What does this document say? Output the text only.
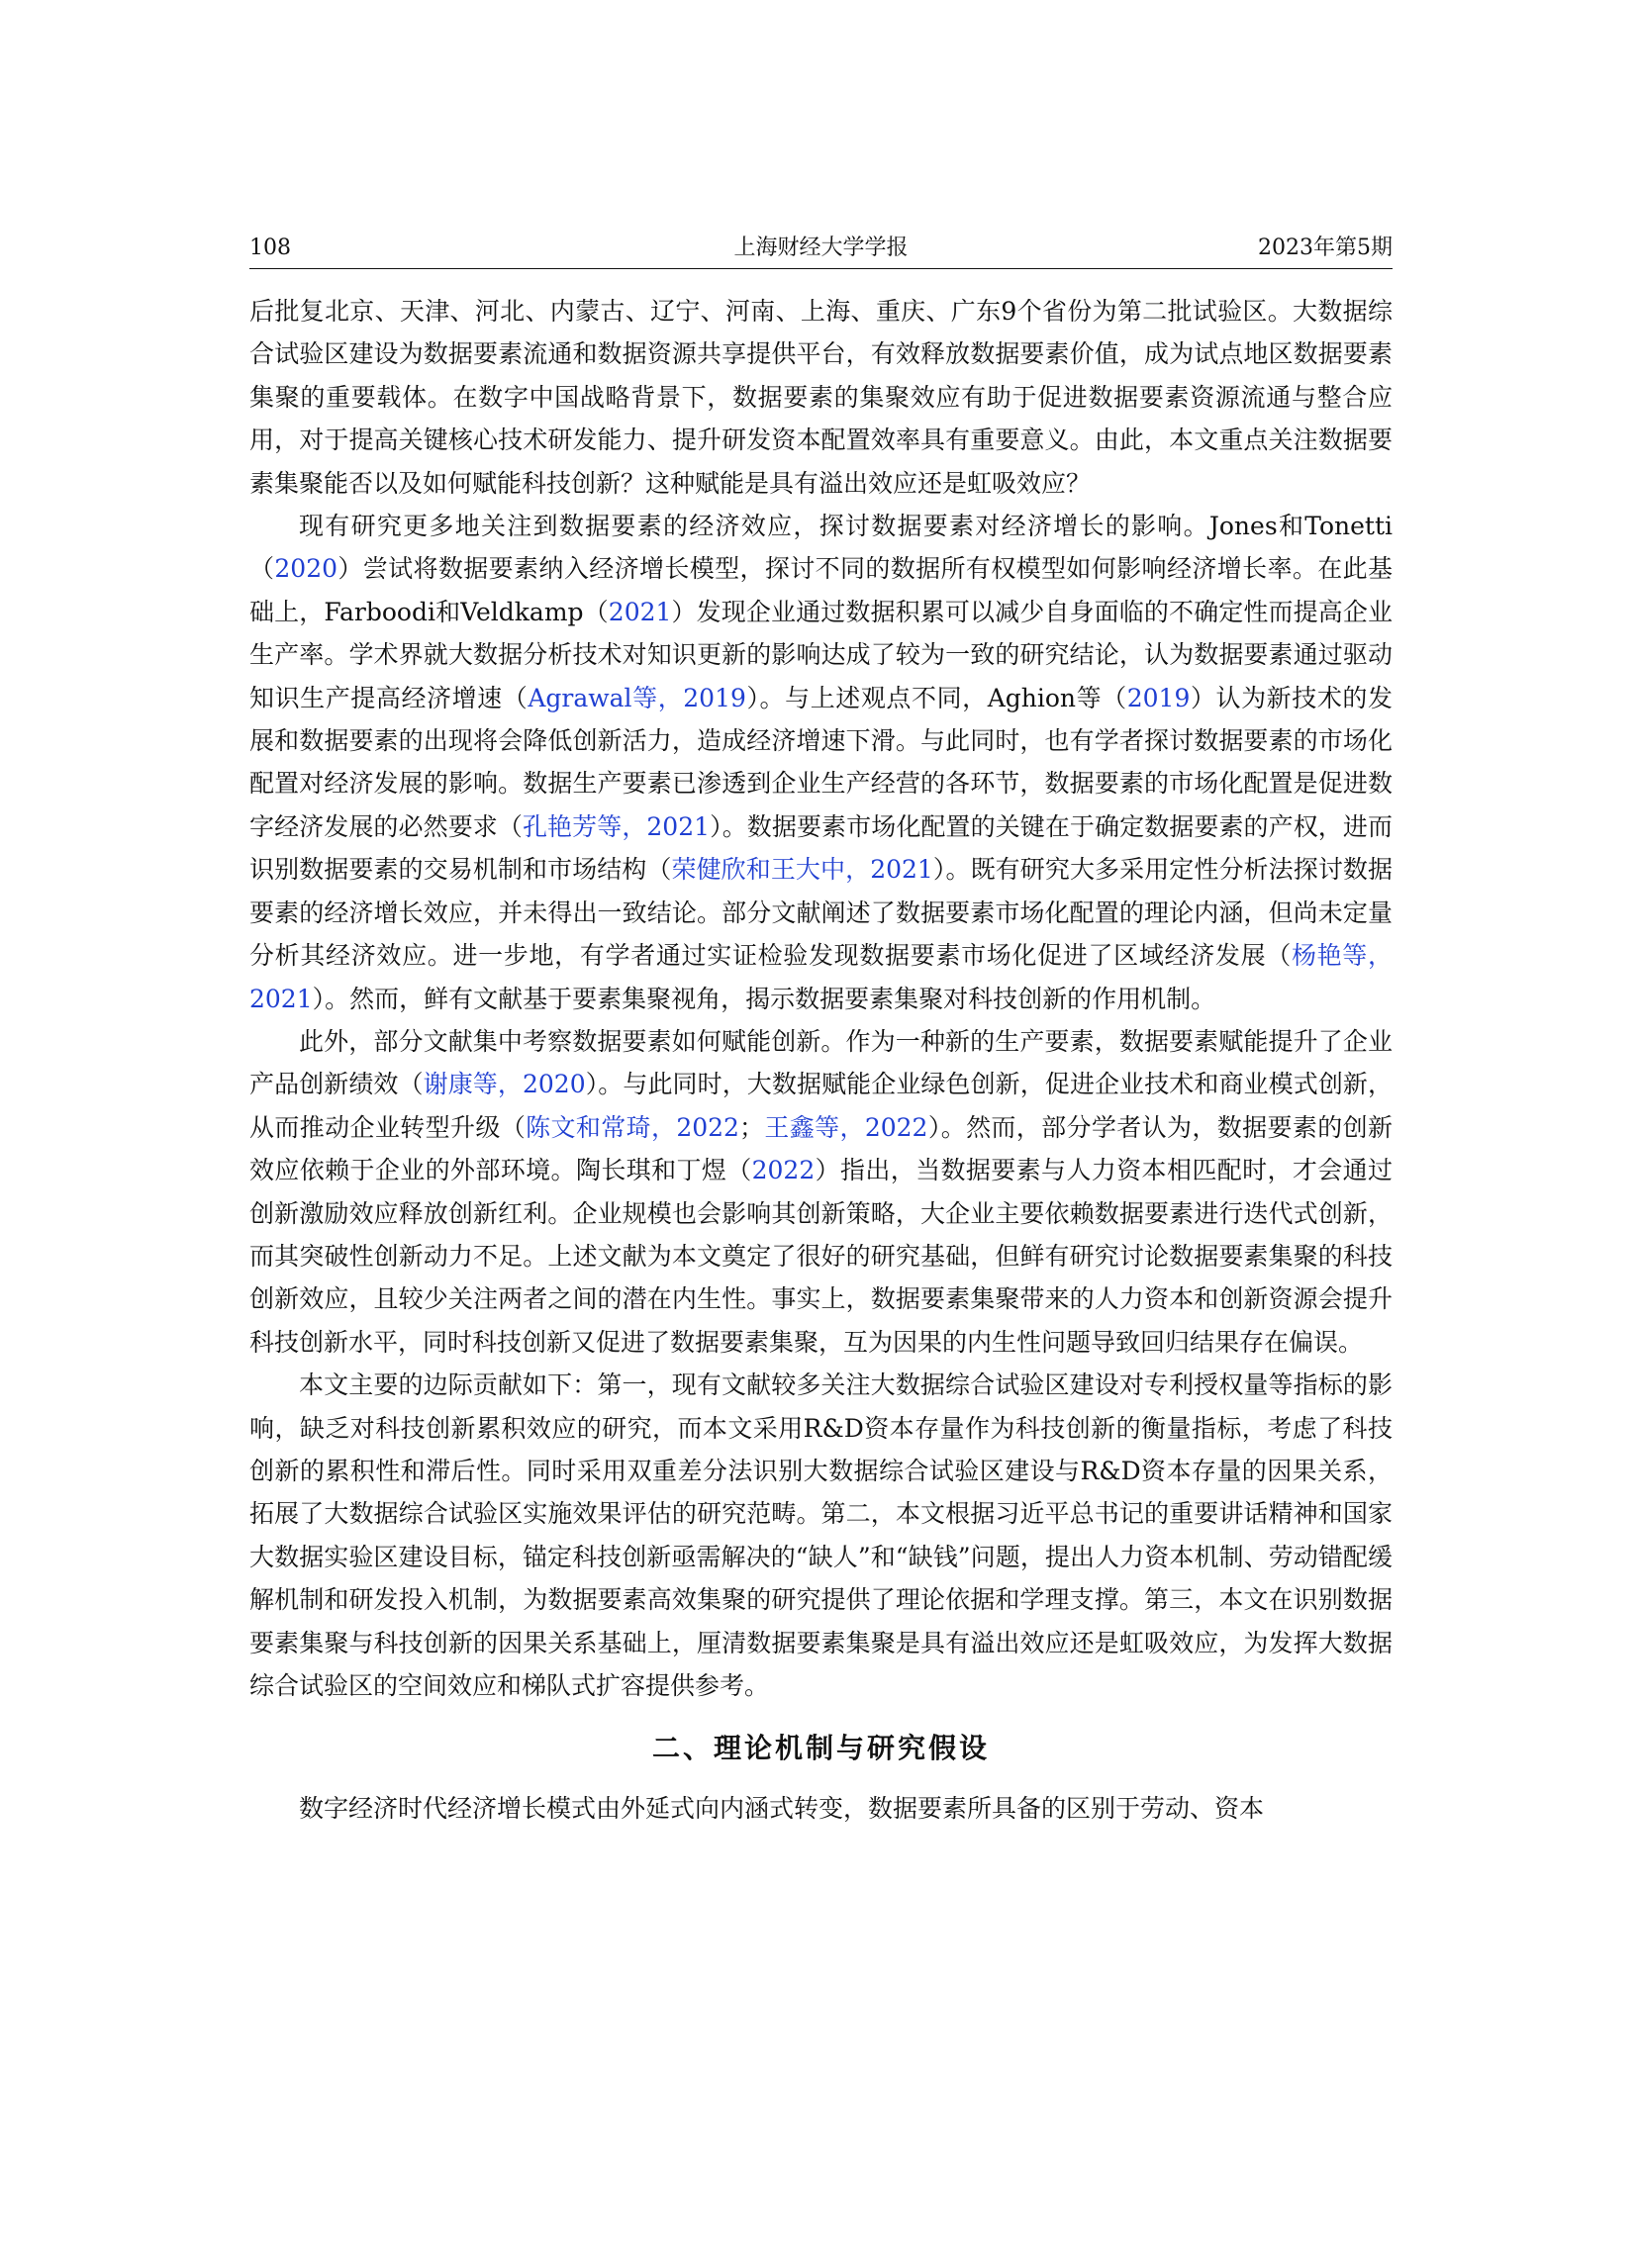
108	上海财经大学学报	2023年第5期

后批复北京、天津、河北、内蒙古、辽宁、河南、上海、重庆、广东9个省份为第二批试验区。大数据综合试验区建设为数据要素流通和数据资源共享提供平台，有效释放数据要素价值，成为试点地区数据要素集聚的重要载体。在数字中国战略背景下，数据要素的集聚效应有助于促进数据要素资源流通与整合应用，对于提高关键核心技术研发能力、提升研发资本配置效率具有重要意义。由此，本文重点关注数据要素集聚能否以及如何赋能科技创新？这种赋能是具有溢出效应还是虹吸效应？

现有研究更多地关注到数据要素的经济效应，探讨数据要素对经济增长的影响。Jones和Tonetti（2020）尝试将数据要素纳入经济增长模型，探讨不同的数据所有权模型如何影响经济增长率。在此基础上，Farboodi和Veldkamp（2021）发现企业通过数据积累可以减少自身面临的不确定性而提高企业生产率。学术界就大数据分析技术对知识更新的影响达成了较为一致的研究结论，认为数据要素通过驱动知识生产提高经济增速（Agrawal等，2019）。与上述观点不同，Aghion等（2019）认为新技术的发展和数据要素的出现将会降低创新活力，造成经济增速下滑。与此同时，也有学者探讨数据要素的市场化配置对经济发展的影响。数据生产要素已渗透到企业生产经营的各环节，数据要素的市场化配置是促进数字经济发展的必然要求（孔艳芳等，2021）。数据要素市场化配置的关键在于确定数据要素的产权，进而识别数据要素的交易机制和市场结构（荣健欣和王大中，2021）。既有研究大多采用定性分析法探讨数据要素的经济增长效应，并未得出一致结论。部分文献阐述了数据要素市场化配置的理论内涵，但尚未定量分析其经济效应。进一步地，有学者通过实证检验发现数据要素市场化促进了区域经济发展（杨艳等，2021）。然而，鲜有文献基于要素集聚视角，揭示数据要素集聚对科技创新的作用机制。

此外，部分文献集中考察数据要素如何赋能创新。作为一种新的生产要素，数据要素赋能提升了企业产品创新绩效（谢康等，2020）。与此同时，大数据赋能企业绿色创新，促进企业技术和商业模式创新，从而推动企业转型升级（陈文和常琦，2022；王鑫等，2022）。然而，部分学者认为，数据要素的创新效应依赖于企业的外部环境。陶长琪和丁煜（2022）指出，当数据要素与人力资本相匹配时，才会通过创新激励效应释放创新红利。企业规模也会影响其创新策略，大企业主要依赖数据要素进行迭代式创新，而其突破性创新动力不足。上述文献为本文奠定了很好的研究基础，但鲜有研究讨论数据要素集聚的科技创新效应，且较少关注两者之间的潜在内生性。事实上，数据要素集聚带来的人力资本和创新资源会提升科技创新水平，同时科技创新又促进了数据要素集聚，互为因果的内生性问题导致回归结果存在偏误。

本文主要的边际贡献如下：第一，现有文献较多关注大数据综合试验区建设对专利授权量等指标的影响，缺乏对科技创新累积效应的研究，而本文采用R&D资本存量作为科技创新的衡量指标，考虑了科技创新的累积性和滞后性。同时采用双重差分法识别大数据综合试验区建设与R&D资本存量的因果关系，拓展了大数据综合试验区实施效果评估的研究范畴。第二，本文根据习近平总书记的重要讲话精神和国家大数据实验区建设目标，锚定科技创新亟需解决的“缺人”和“缺钱”问题，提出人力资本机制、劳动错配缓解机制和研发投入机制，为数据要素高效集聚的研究提供了理论依据和学理支撑。第三，本文在识别数据要素集聚与科技创新的因果关系基础上，厘清数据要素集聚是具有溢出效应还是虹吸效应，为发挥大数据综合试验区的空间效应和梯队式扩容提供参考。

二、理论机制与研究假设

数字经济时代经济增长模式由外延式向内涵式转变，数据要素所具备的区别于劳动、资本
